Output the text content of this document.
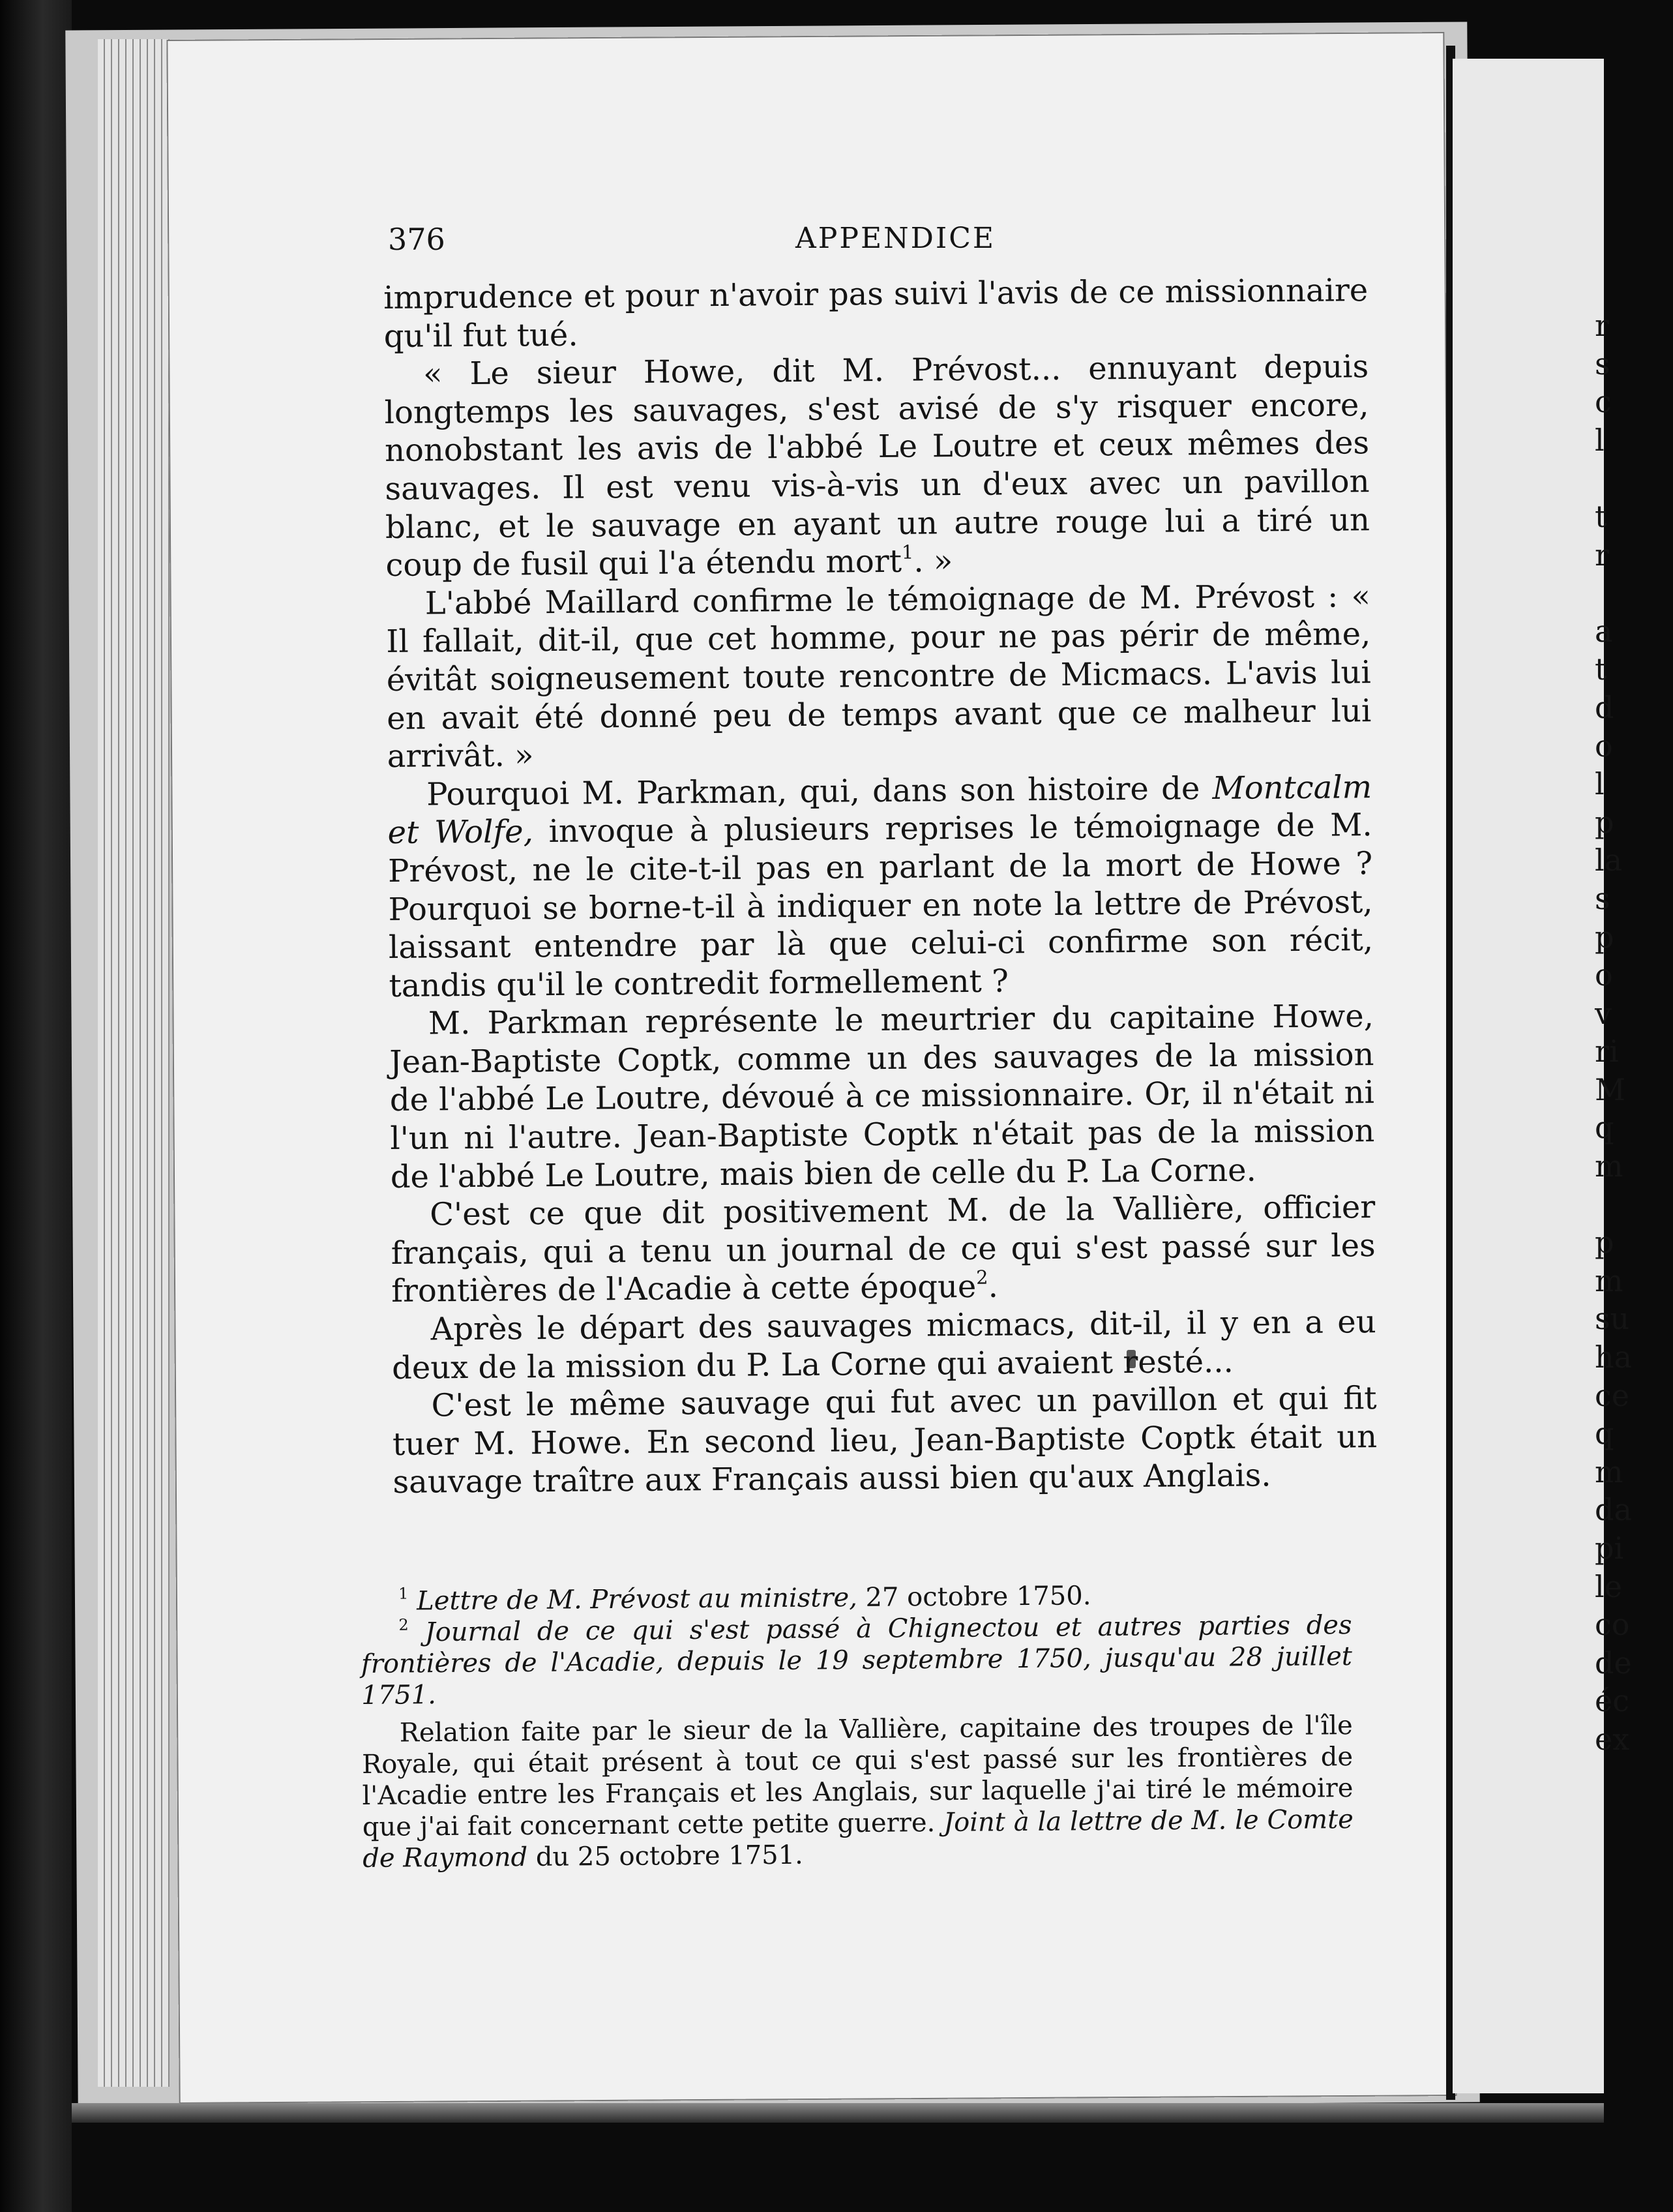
376	APPENDICE

imprudence et pour n'avoir pas suivi l'avis de ce missionnaire qu'il fut tué.

« Le sieur Howe, dit M. Prévost... ennuyant depuis longtemps les sauvages, s'est avisé de s'y risquer encore, nonobstant les avis de l'abbé Le Loutre et ceux mêmes des sauvages. Il est venu vis-à-vis un d'eux avec un pavillon blanc, et le sauvage en ayant un autre rouge lui a tiré un coup de fusil qui l'a étendu mort$^1$. »

L'abbé Maillard confirme le témoignage de M. Prévost : « Il fallait, dit-il, que cet homme, pour ne pas périr de même, évitât soigneusement toute rencontre de Micmacs. L'avis lui en avait été donné peu de temps avant que ce malheur lui arrivât. »

Pourquoi M. Parkman, qui, dans son histoire de Montcalm et Wolfe, invoque à plusieurs reprises le témoignage de M. Prévost, ne le cite-t-il pas en parlant de la mort de Howe ? Pourquoi se borne-t-il à indiquer en note la lettre de Prévost, laissant entendre par là que celui-ci confirme son récit, tandis qu'il le contredit formellement ?

M. Parkman représente le meurtrier du capitaine Howe, Jean-Baptiste Coptk, comme un des sauvages de la mission de l'abbé Le Loutre, dévoué à ce missionnaire. Or, il n'était ni l'un ni l'autre. Jean-Baptiste Coptk n'était pas de la mission de l'abbé Le Loutre, mais bien de celle du P. La Corne.

C'est ce que dit positivement M. de la Vallière, officier français, qui a tenu un journal de ce qui s'est passé sur les frontières de l'Acadie à cette époque$^2$.

Après le départ des sauvages micmacs, dit-il, il y en a eu deux de la mission du P. La Corne qui avaient resté...

C'est le même sauvage qui fut avec un pavillon et qui fit tuer M. Howe. En second lieu, Jean-Baptiste Coptk était un sauvage traître aux Français aussi bien qu'aux Anglais.

$^1$ Lettre de M. Prévost au ministre, 27 octobre 1750.

$^2$ Journal de ce qui s'est passé à Chignectou et autres parties des frontières de l'Acadie, depuis le 19 septembre 1750, jusqu'au 28 juillet 1751.

Relation faite par le sieur de la Vallière, capitaine des troupes de l'île Royale, qui était présent à tout ce qui s'est passé sur les frontières de l'Acadie entre les Français et les Anglais, sur laquelle j'ai tiré le mémoire que j'ai fait concernant cette petite guerre. Joint à la lettre de M. le Comte de Raymond du 25 octobre 1751.

r
s
c
l

t
r

a
t
d
o
l
p
la
s
p
o
v
ri
M
q
m

p
m
su
ha
ce
q
m
da
pi
le
co
de
éc
ex
